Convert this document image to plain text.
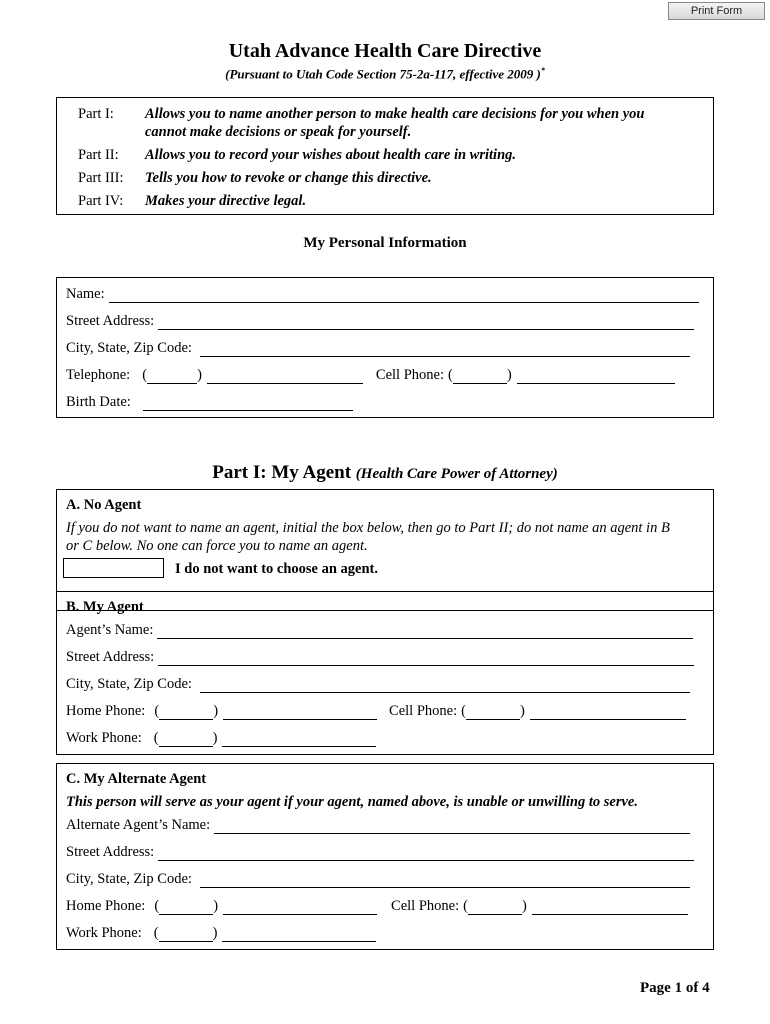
Print Form
Utah Advance Health Care Directive
(Pursuant to Utah Code Section 75-2a-117, effective 2009 )*
Part I: Allows you to name another person to make health care decisions for you when you
cannot make decisions or speak for yourself.
Part II: Allows you to record your wishes about health care in writing.
Part III: Tells you how to revoke or change this directive.
Part IV: Makes your directive legal.
My Personal Information
Name:
Street Address:
City, State, Zip Code:
Telephone: (	)	Cell Phone: (	)
Birth Date:
Part I: My Agent (Health Care Power of Attorney)
A. No Agent
If you do not want to name an agent, initial the box below, then go to Part II; do not name an agent in B
or C below. No one can force you to name an agent.
I do not want to choose an agent.
B. My Agent
Agent’s Name:
Street Address:
City, State, Zip Code:
Home Phone: (	)	Cell Phone: (	)
Work Phone: (	)
C. My Alternate Agent
This person will serve as your agent if your agent, named above, is unable or unwilling to serve.
Alternate Agent’s Name:
Street Address:
City, State, Zip Code:
Home Phone: (	)	Cell Phone: (	)
Work Phone: (	)
Page 1 of 4
